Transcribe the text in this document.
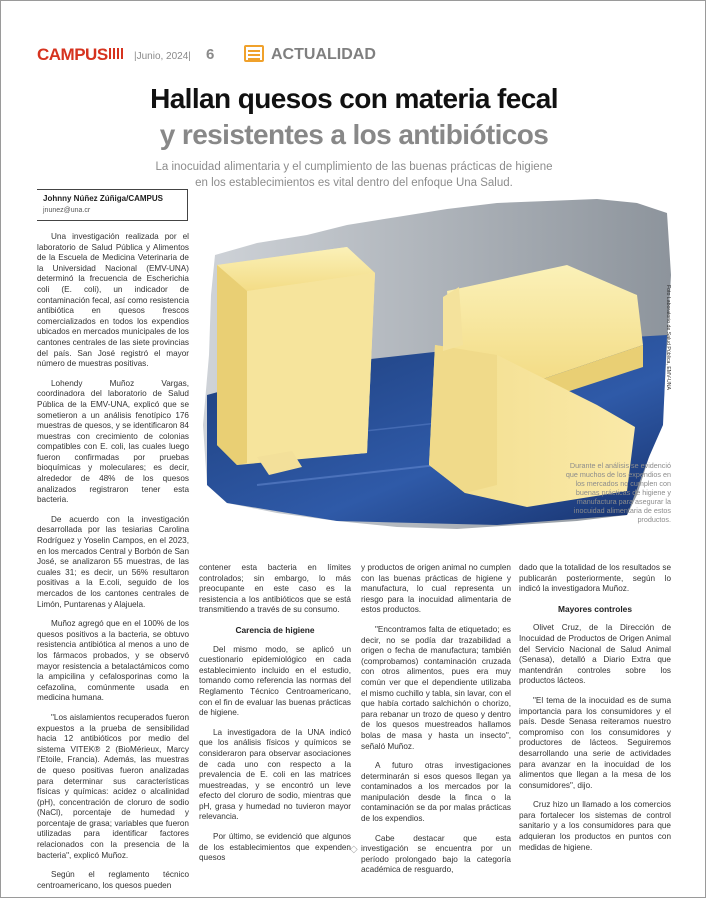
CAMPUS	|Junio, 2024| 6	ACTUALIDAD
Hallan quesos con materia fecal
y resistentes a los antibióticos
La inocuidad alimentaria y el cumplimiento de las buenas prácticas de higiene
en los establecimientos es vital dentro del enfoque Una Salud.
Johnny Núñez Zúñiga/CAMPUS
jnunez@una.cr
Foto Laboratorio de Salud Pública, EMV-UNA
Durante el análisis se evidenció que muchos de los expendios en los mercados no cumplen con buenas prácticas de higiene y manufactura para asegurar la inocuidad alimentaria de estos productos.

Una investigación realizada por el laboratorio de Salud Pública y Alimentos de la Escuela de Medicina Veterinaria de la Universidad Nacional (EMV-UNA) determinó la frecuencia de Escherichia coli (E. coli), un indicador de contaminación fecal, así como resistencia antibiótica en quesos frescos comercializados en todos los expendios ubicados en mercados municipales de los cantones centrales de las siete provincias del país. San José registró el mayor número de muestras positivas.

Lohendy Muñoz Vargas, coordinadora del laboratorio de Salud Pública de la EMV-UNA, explicó que se sometieron a un análisis fenotípico 176 muestras de quesos, y se identificaron 84 muestras con crecimiento de colonias compatibles con E. coli, las cuales luego fueron confirmadas por pruebas bioquímicas y moleculares; es decir, alrededor de 48% de los quesos analizados registraron tener esta bacteria.

De acuerdo con la investigación desarrollada por las tesiarias Carolina Rodríguez y Yoselin Campos, en el 2023, en los mercados Central y Borbón de San José, se analizaron 55 muestras, de las cuales 31; es decir, un 56% resultaron positivas a la E.coli, seguido de los mercados de los cantones centrales de Limón, Puntarenas y Alajuela.

Muñoz agregó que en el 100% de los quesos positivos a la bacteria, se obtuvo resistencia antibiótica al menos a uno de los fármacos probados, y se observó mayor resistencia a betalactámicos como la ampicilina y cefalosporinas como la cefazolina, comúnmente usada en medicina humana.

"Los aislamientos recuperados fueron expuestos a la prueba de sensibilidad hacia 12 antibióticos por medio del sistema VITEK® 2 (BioMérieux, Marcy l'Etoile, Francia). Además, las muestras de queso positivas fueron analizadas para determinar sus características físicas y químicas: acidez o alcalinidad (pH), concentración de cloruro de sodio (NaCl), porcentaje de humedad y porcentaje de grasa; variables que fueron utilizadas para identificar factores relacionados con la presencia de la bacteria", explicó Muñoz.

Según el reglamento técnico centroamericano, los quesos pueden

contener esta bacteria en límites controlados; sin embargo, lo más preocupante en este caso es la resistencia a los antibióticos que se está transmitiendo a través de su consumo.

Carencia de higiene

Del mismo modo, se aplicó un cuestionario epidemiológico en cada establecimiento incluido en el estudio, tomando como referencia las normas del Reglamento Técnico Centroamericano, con el fin de evaluar las buenas prácticas de higiene.

La investigadora de la UNA indicó que los análisis físicos y químicos se consideraron para observar asociaciones de cada uno con respecto a la prevalencia de E. coli en las matrices muestreadas, y se encontró un leve efecto del cloruro de sodio, mientras que pH, grasa y humedad no tuvieron mayor relevancia.

Por último, se evidenció que algunos de los establecimientos que expenden quesos

y productos de origen animal no cumplen con las buenas prácticas de higiene y manufactura, lo cual representa un riesgo para la inocuidad alimentaria de estos productos.

"Encontramos falta de etiquetado; es decir, no se podía dar trazabilidad a origen o fecha de manufactura; también (comprobamos) contaminación cruzada con otros alimentos, pues era muy común ver que el dependiente utilizaba el mismo cuchillo y tabla, sin lavar, con el que había cortado salchichón o chorizo, para rebanar un trozo de queso y dentro de los quesos muestreados hallamos bolas de masa y hasta un insecto", señaló Muñoz.

A futuro otras investigaciones determinarán si esos quesos llegan ya contaminados a los mercados por la manipulación desde la finca o la contaminación se da por malas prácticas de los expendios.

Cabe destacar que esta investigación se encuentra por un período prolongado bajo la categoría académica de resguardo,

dado que la totalidad de los resultados se publicarán posteriormente, según lo indicó la investigadora Muñoz.

Mayores controles

Olivet Cruz, de la Dirección de Inocuidad de Productos de Origen Animal del Servicio Nacional de Salud Animal (Senasa), detalló a Diario Extra que mantendrán controles sobre los productos lácteos.

"El tema de la inocuidad es de suma importancia para los consumidores y el país. Desde Senasa reiteramos nuestro compromiso con los consumidores y productores de lácteos. Seguiremos desarrollando una serie de actividades para avanzar en la inocuidad de los alimentos que llegan a la mesa de los consumidores", dijo.

Cruz hizo un llamado a los comercios para fortalecer los sistemas de control sanitario y a los consumidores para que adquieran los productos en puntos con medidas de higiene.

◇
